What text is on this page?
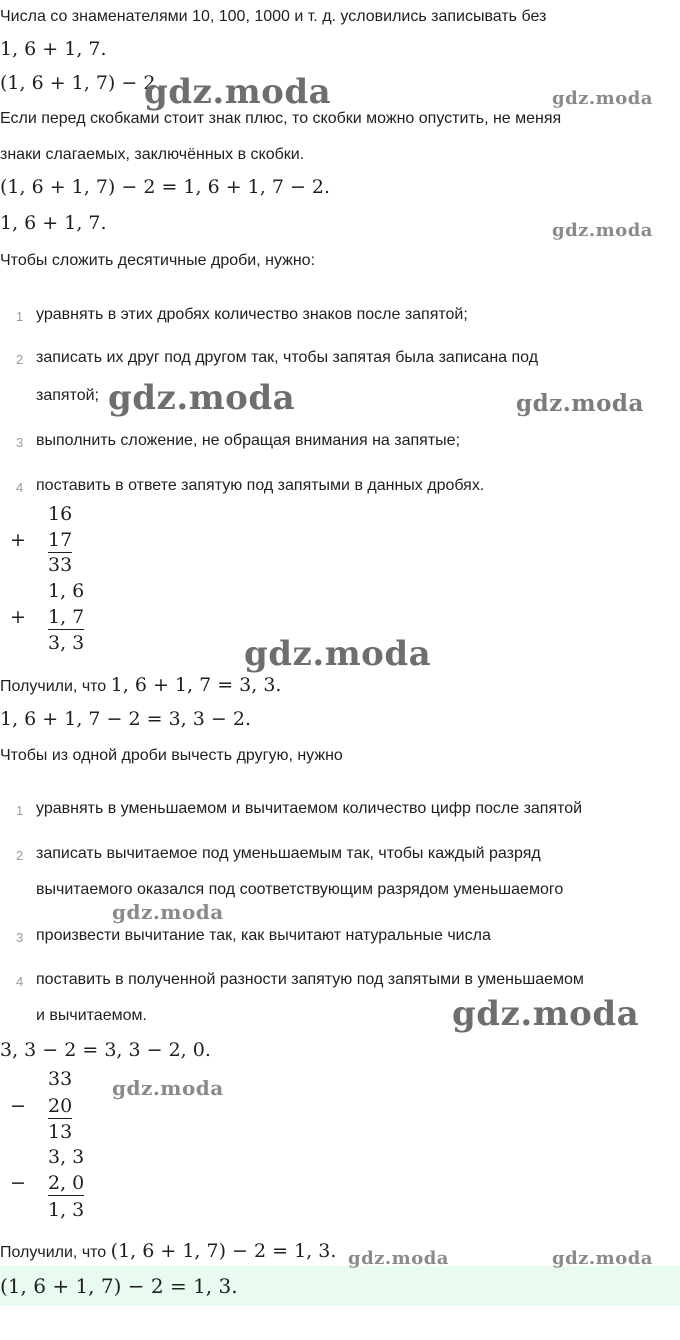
Числа со знаменателями 10, 100, 1000 и т. д. условились записывать без
1, 6 + 1, 7.
(1, 6 + 1, 7) − 2
Если перед скобками стоит знак плюс, то скобки можно опустить, не меняя
знаки слагаемых, заключённых в скобки.
(1, 6 + 1, 7) − 2 = 1, 6 + 1, 7 − 2.
1, 6 + 1, 7.
Чтобы сложить десятичные дроби, нужно:
1 уравнять в этих дробях количество знаков после запятой;
2 записать их друг под другом так, чтобы запятая была записана под
запятой;
3 выполнить сложение, не обращая внимания на запятые;
4 поставить в ответе запятую под запятыми в данных дробях.
16
+ 17
33
1, 6
+ 1, 7
3, 3
Получили, что 1, 6 + 1, 7 = 3, 3.
1, 6 + 1, 7 − 2 = 3, 3 − 2.
Чтобы из одной дроби вычесть другую, нужно
1 уравнять в уменьшаемом и вычитаемом количество цифр после запятой
2 записать вычитаемое под уменьшаемым так, чтобы каждый разряд
вычитаемого оказался под соответствующим разрядом уменьшаемого
3 произвести вычитание так, как вычитают натуральные числа
4 поставить в полученной разности запятую под запятыми в уменьшаемом
и вычитаемом.
3, 3 − 2 = 3, 3 − 2, 0.
33
− 20
13
3, 3
− 2, 0
1, 3
Получили, что (1, 6 + 1, 7) − 2 = 1, 3.
(1, 6 + 1, 7) − 2 = 1, 3.
gdz.moda	gdz.moda
gdz.moda
gdz.moda	gdz.moda
gdz.moda
gdz.moda
gdz.moda
gdz.moda
gdz.moda	gdz.moda
